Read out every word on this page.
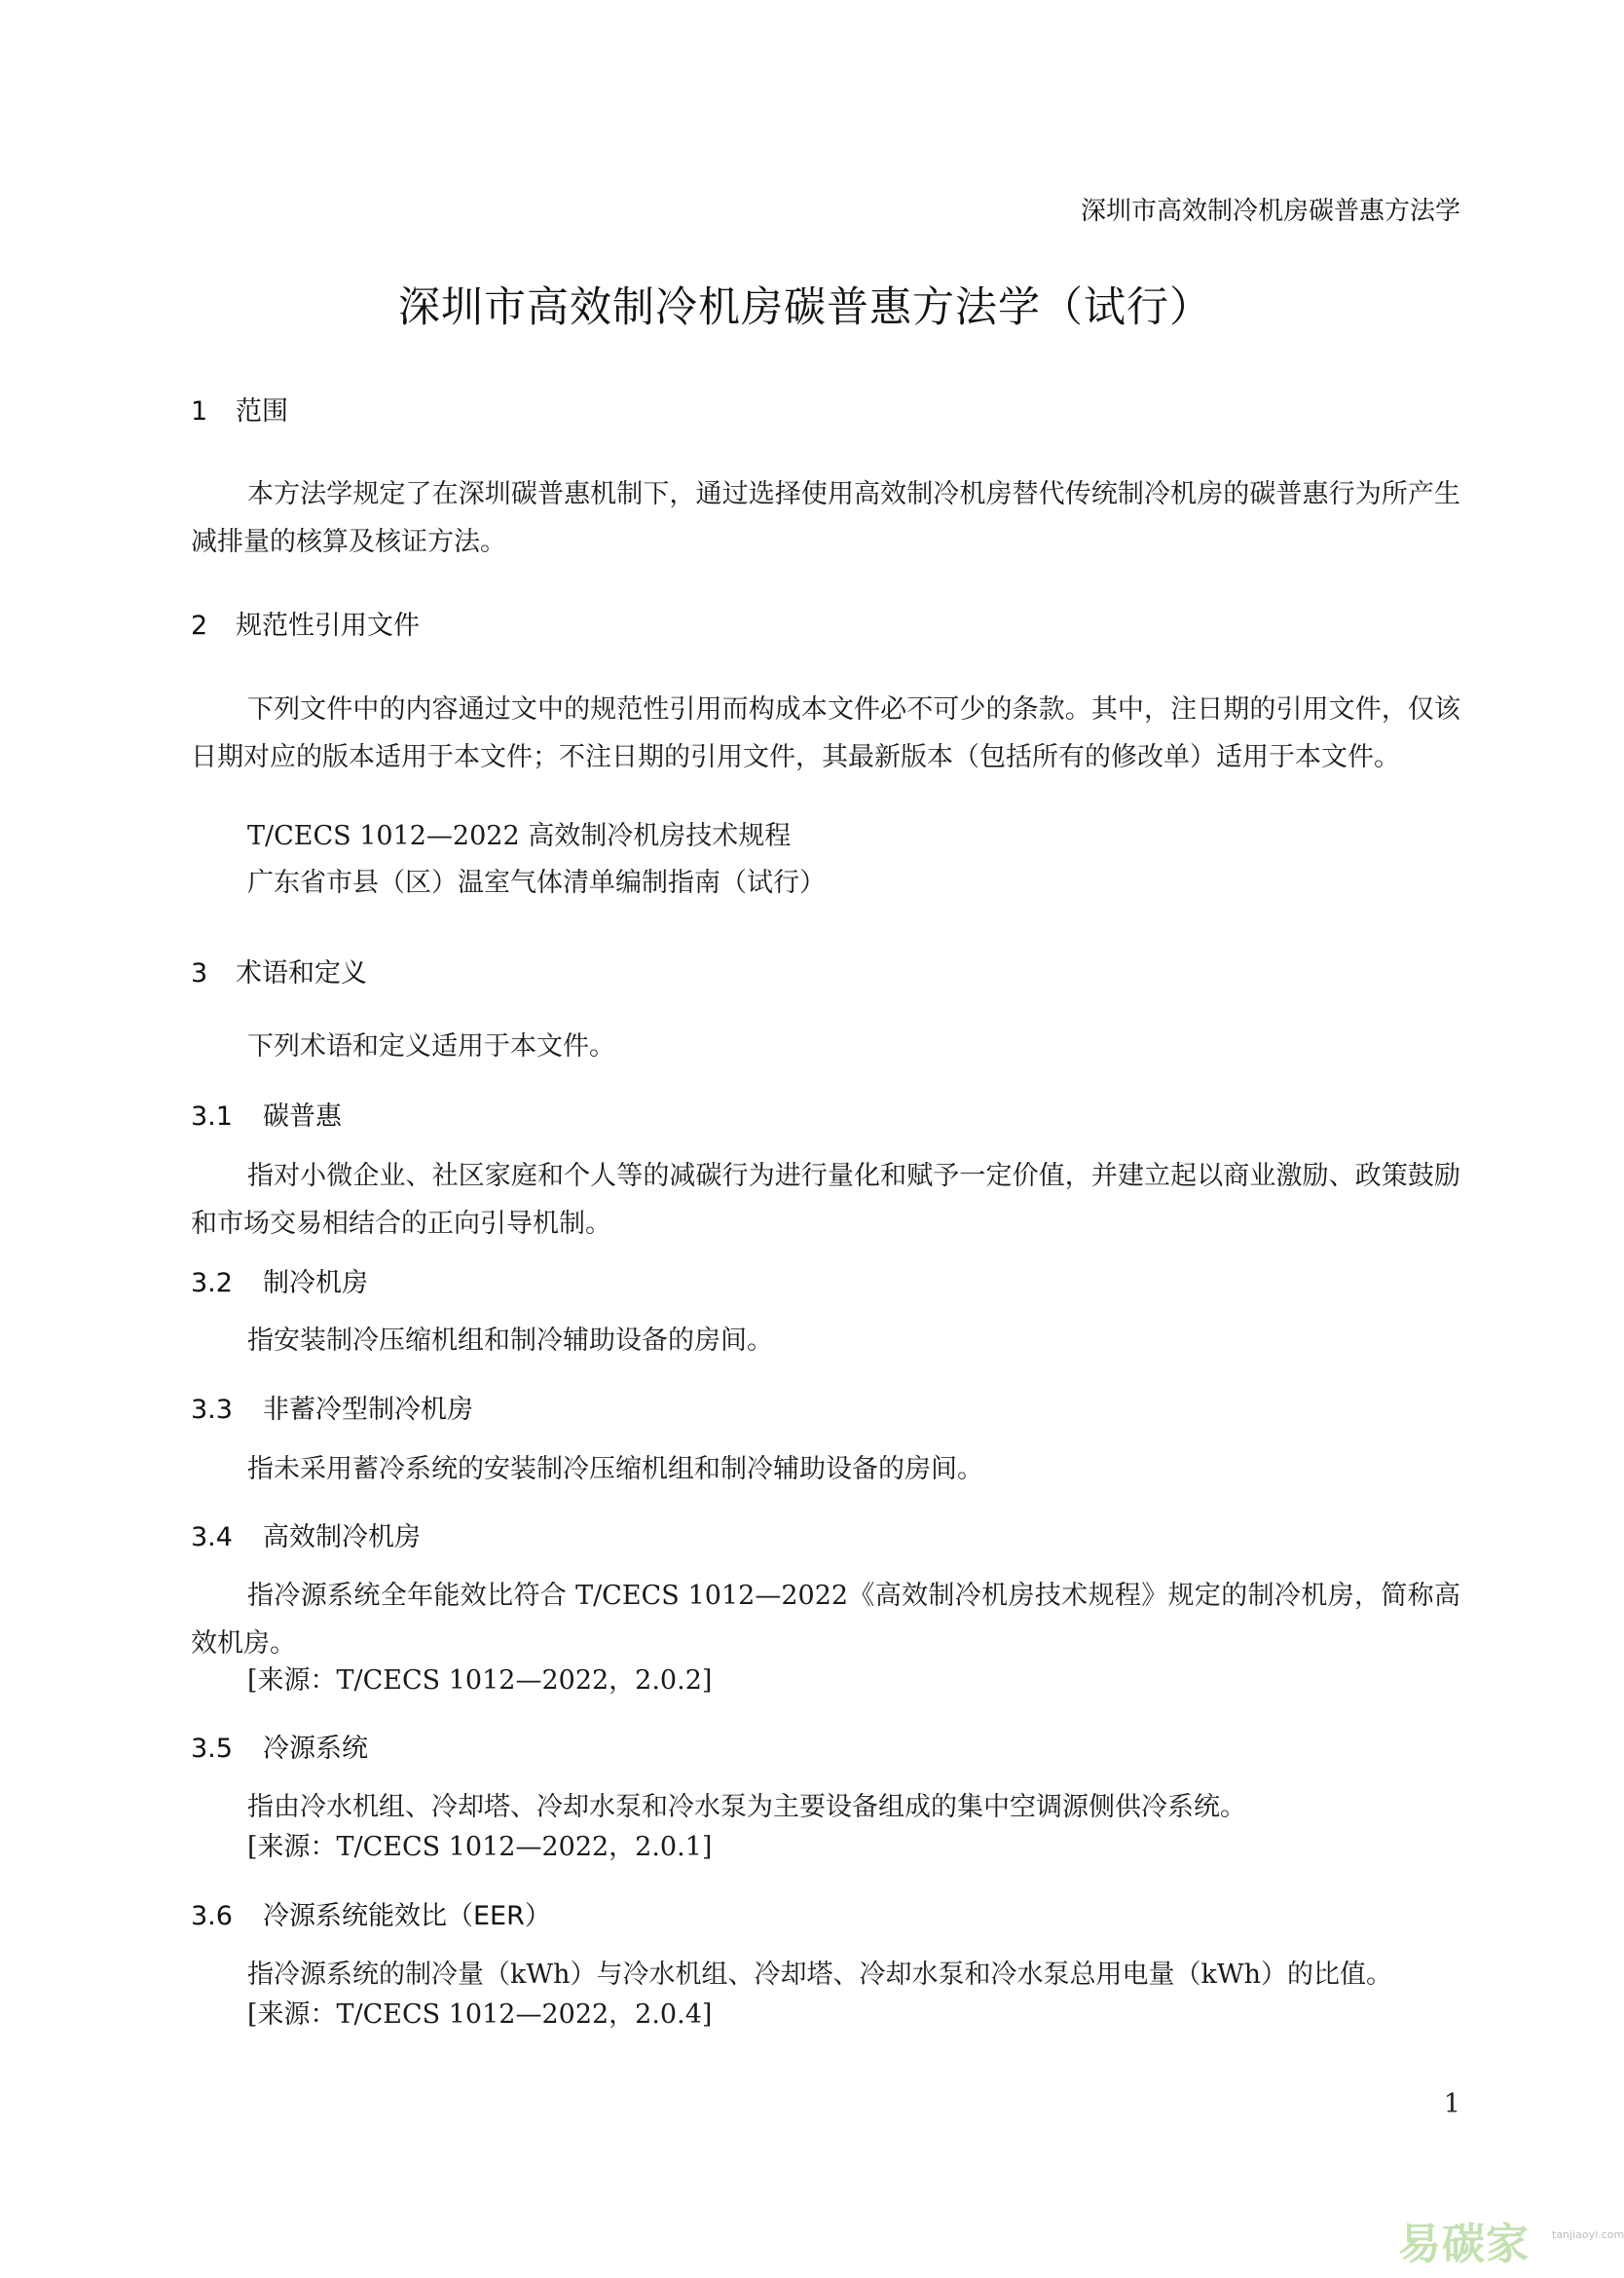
深圳市高效制冷机房碳普惠方法学
深圳市高效制冷机房碳普惠方法学（试行）
1 范围
本方法学规定了在深圳碳普惠机制下，通过选择使用高效制冷机房替代传统制冷机房的碳普惠行为所产生减排量的核算及核证方法。
2 规范性引用文件
下列文件中的内容通过文中的规范性引用而构成本文件必不可少的条款。其中，注日期的引用文件，仅该日期对应的版本适用于本文件；不注日期的引用文件，其最新版本（包括所有的修改单）适用于本文件。
T/CECS 1012—2022 高效制冷机房技术规程
广东省市县（区）温室气体清单编制指南（试行）
3 术语和定义
下列术语和定义适用于本文件。
3.1 碳普惠
指对小微企业、社区家庭和个人等的减碳行为进行量化和赋予一定价值，并建立起以商业激励、政策鼓励和市场交易相结合的正向引导机制。
3.2 制冷机房
指安装制冷压缩机组和制冷辅助设备的房间。
3.3 非蓄冷型制冷机房
指未采用蓄冷系统的安装制冷压缩机组和制冷辅助设备的房间。
3.4 高效制冷机房
指冷源系统全年能效比符合 T/CECS 1012—2022《高效制冷机房技术规程》规定的制冷机房，简称高效机房。
[来源：T/CECS 1012—2022，2.0.2]
3.5 冷源系统
指由冷水机组、冷却塔、冷却水泵和冷水泵为主要设备组成的集中空调源侧供冷系统。
[来源：T/CECS 1012—2022，2.0.1]
3.6 冷源系统能效比（EER）
指冷源系统的制冷量（kWh）与冷水机组、冷却塔、冷却水泵和冷水泵总用电量（kWh）的比值。
[来源：T/CECS 1012—2022，2.0.4]
1
易碳家 tanjiaoyi.com
